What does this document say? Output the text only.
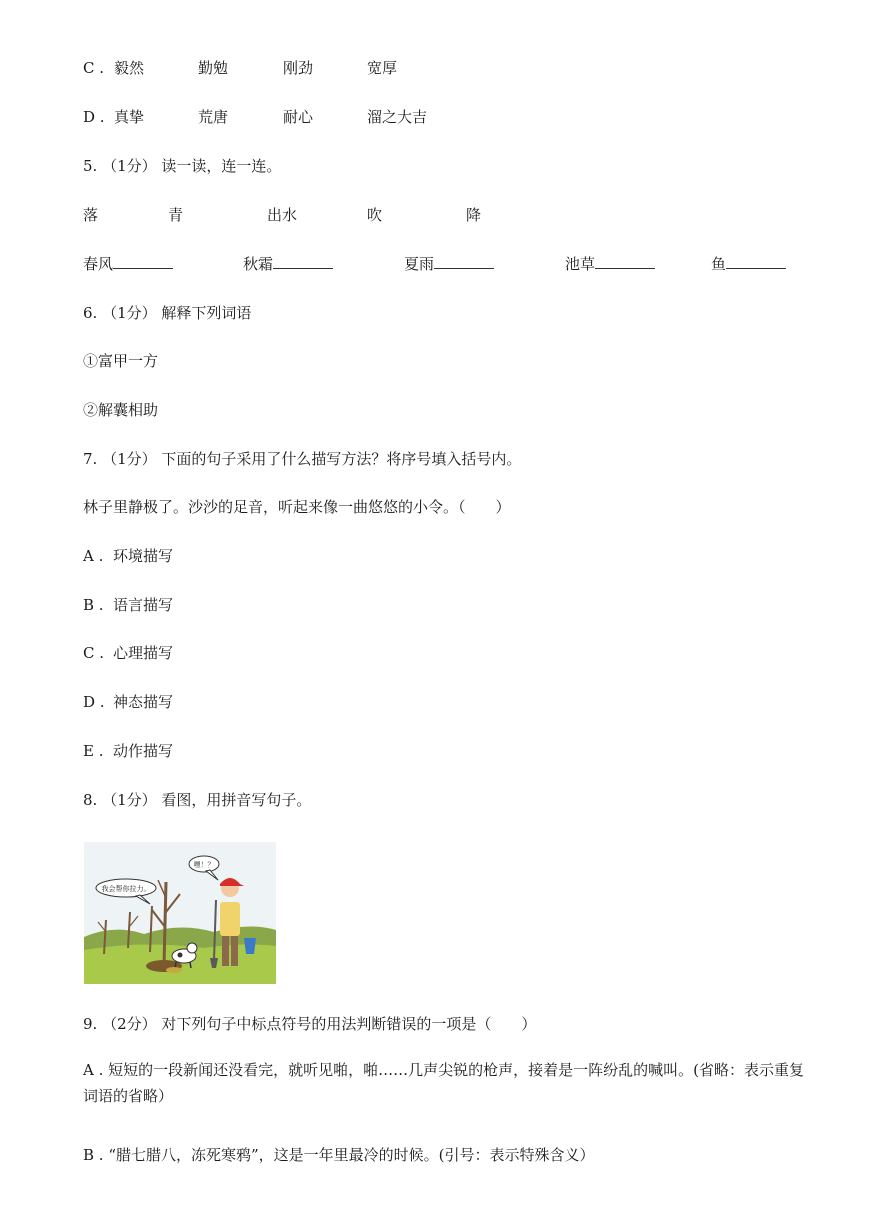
C . 毅然	勤勉	刚劲	宽厚
D . 真挚	荒唐	耐心	溜之大吉
5. （1分） 读一读，连一连。
落	青	出水	吹	降
春风	秋霜	夏雨	池草	鱼
6. （1分） 解释下列词语
①富甲一方
②解囊相助
7. （1分） 下面的句子采用了什么描写方法？将序号填入括号内。
林子里静极了。沙沙的足音，听起来像一曲悠悠的小令。（　　）
A . 环境描写
B . 语言描写
C . 心理描写
D . 神态描写
E . 动作描写
8. （1分） 看图，用拼音写句子。
我会帮你拉力。
嘿！？
9. （2分） 对下列句子中标点符号的用法判断错误的一项是（　　）
A . 短短的一段新闻还没看完，就听见啪，啪……几声尖锐的枪声，接着是一阵纷乱的喊叫。(省略：表示重复词语的省略）
B . “腊七腊八，冻死寒鸦”，这是一年里最冷的时候。(引号：表示特殊含义）
